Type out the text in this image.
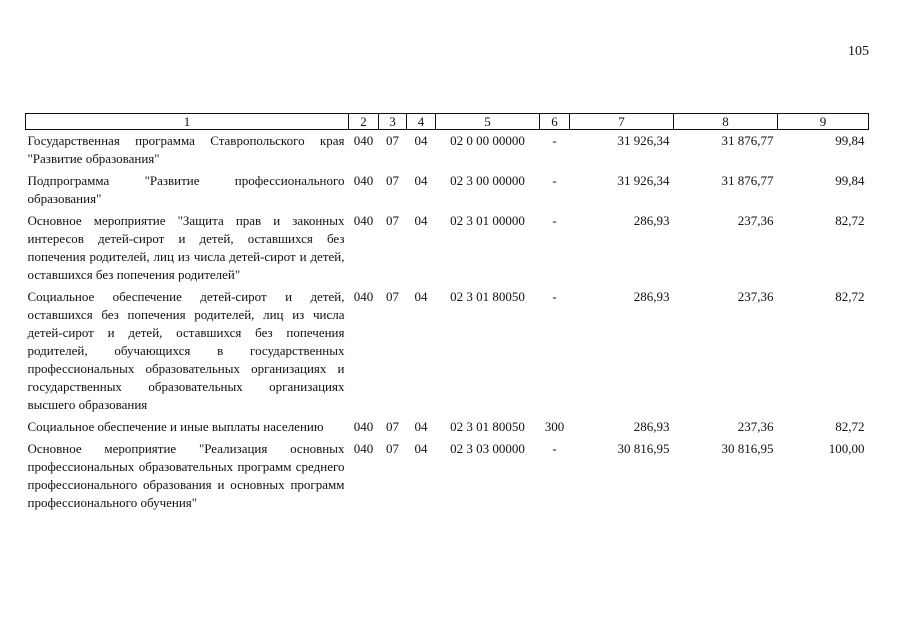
105
1	2	3	4	5	6	7	8	9
Государственная программа Ставропольского края "Развитие образования"	040	07	04	02 0 00 00000	-	31 926,34	31 876,77	99,84
Подпрограмма "Развитие профессионального образования"	040	07	04	02 3 00 00000	-	31 926,34	31 876,77	99,84
Основное мероприятие "Защита прав и законных интересов детей-сирот и детей, оставшихся без попечения родителей, лиц из числа детей-сирот и детей, оставшихся без попечения родителей"	040	07	04	02 3 01 00000	-	286,93	237,36	82,72
Социальное обеспечение детей-сирот и детей, оставшихся без попечения родителей, лиц из числа детей-сирот и детей, оставшихся без попечения родителей, обучающихся в государственных профессиональных образовательных организациях и государственных образовательных организациях высшего образования	040	07	04	02 3 01 80050	-	286,93	237,36	82,72
Социальное обеспечение и иные выплаты населению	040	07	04	02 3 01 80050	300	286,93	237,36	82,72
Основное мероприятие "Реализация основных профессиональных образовательных программ среднего профессионального образования и основных программ профессионального обучения"	040	07	04	02 3 03 00000	-	30 816,95	30 816,95	100,00
